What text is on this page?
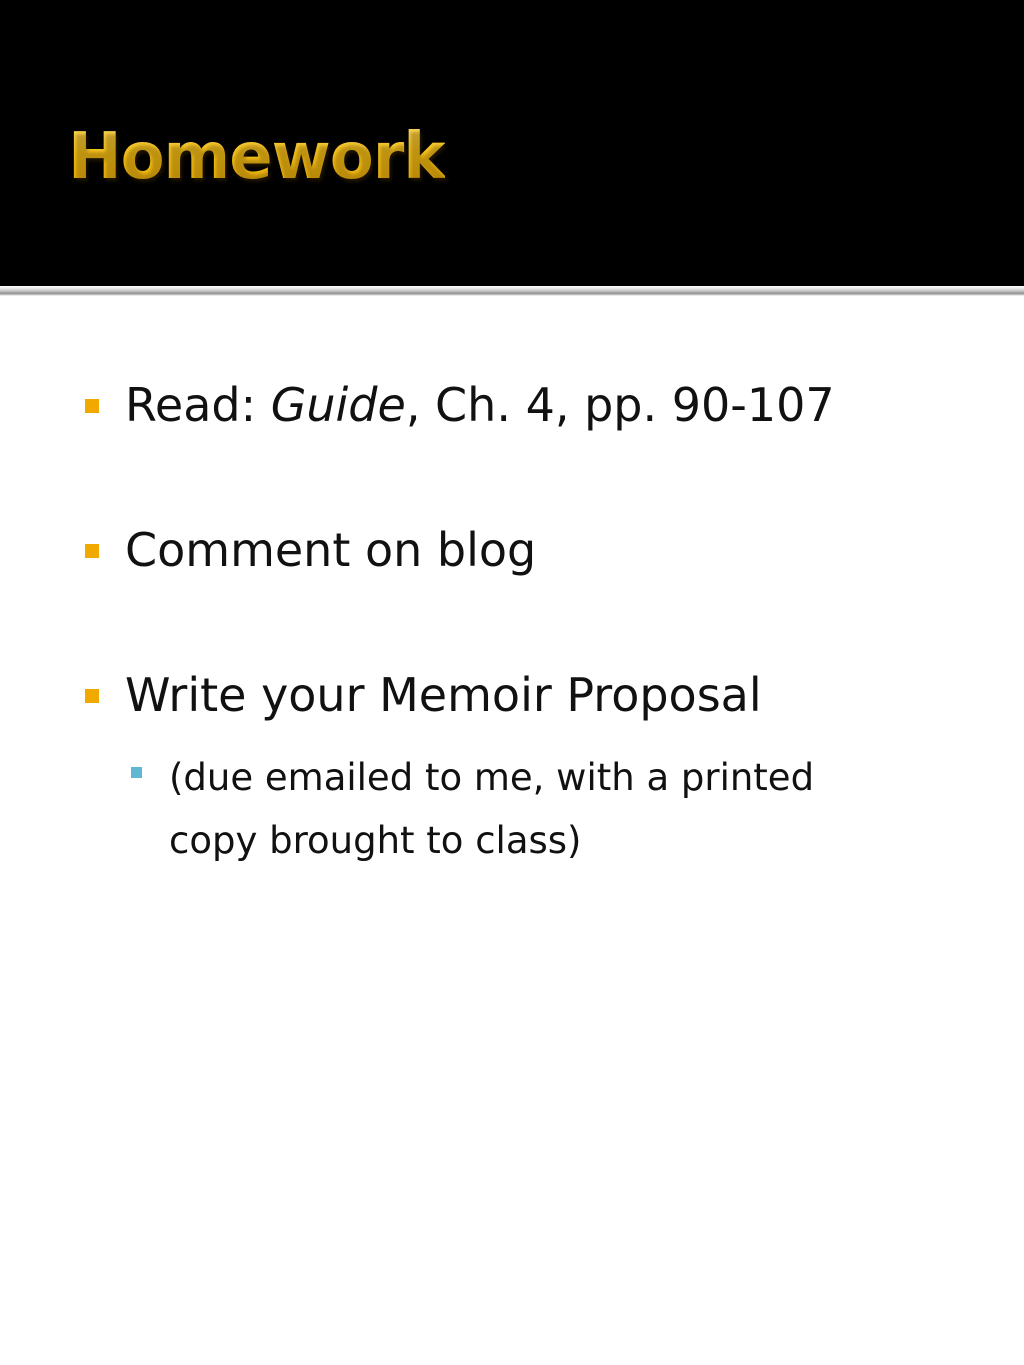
Homework
Read: Guide, Ch. 4, pp. 90-107
Comment on blog
Write your Memoir Proposal
(due emailed to me, with a printed
copy brought to class)
